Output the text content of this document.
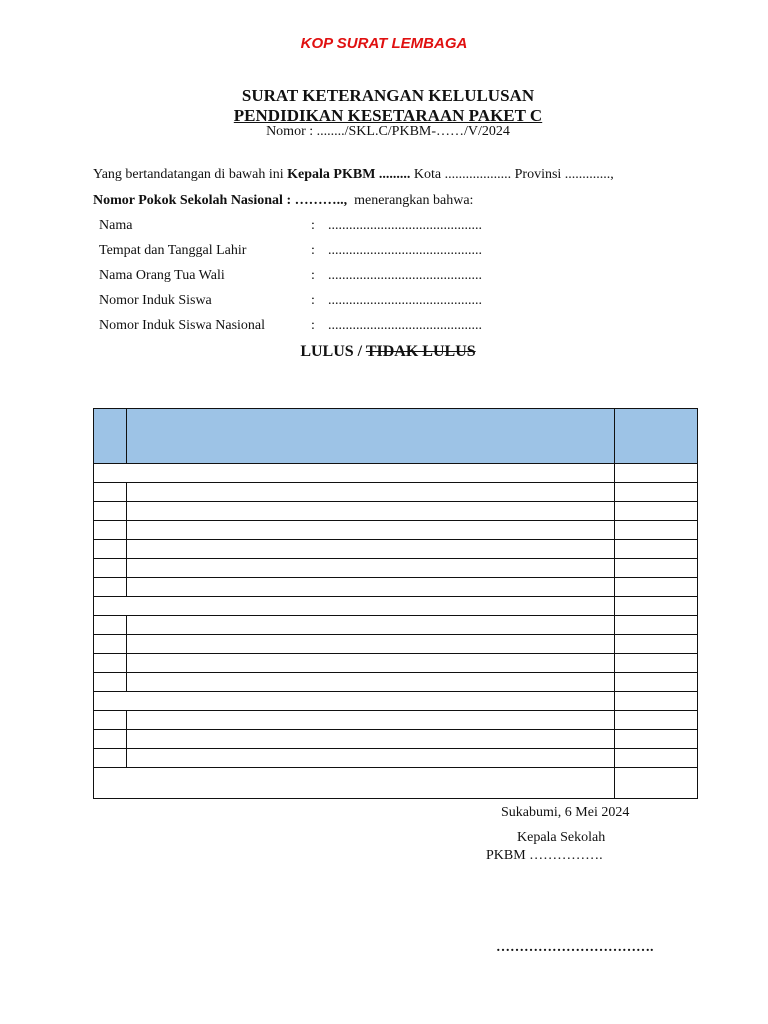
KOP SURAT LEMBAGA
SURAT KETERANGAN KELULUSAN
PENDIDIKAN KESETARAAN PAKET C
Nomor : ......../SKL.C/PKBM-……/V/2024
Yang bertandatangan di bawah ini Kepala PKBM ......... Kota ................... Provinsi .............,
Nomor Pokok Sekolah Nasional : ……….., menerangkan bahwa:
Nama	: ............................................
Tempat dan Tanggal Lahir	: ............................................
Nama Orang Tua Wali	: ............................................
Nomor Induk Siswa	: ............................................
Nomor Induk Siswa Nasional	: ............................................
LULUS / TIDAK LULUS

Sukabumi, 6 Mei 2024
Kepala Sekolah
PKBM …………….
…………………………….
